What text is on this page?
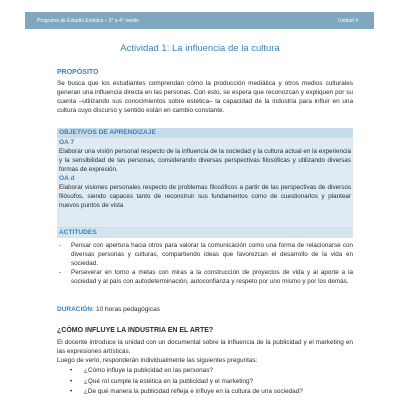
Programa de Estudio Estética – 3° a 4° medio	Unidad 4
Actividad 1: La influencia de la cultura
PROPÓSITO

Se busca que los estudiantes comprendan cómo la producción mediática y otros medios culturales generan una influencia directa en las personas. Con esto, se espera que reconozcan y expliquen por su cuenta –utilizando sus conocimientos sobre estética– la capacidad de la industria para influir en una cultura cuyo discurso y sentido están en cambio constante.

OBJETIVOS DE APRENDIZAJE
OA 7
Elaborar una visión personal respecto de la influencia de la sociedad y la cultura actual en la experiencia y la sensibilidad de las personas, considerando diversas perspectivas filosóficas y utilizando diversas formas de expresión.
OA d
Elaborar visiones personales respecto de problemas filosóficos a partir de las perspectivas de diversos filósofos, siendo capaces tanto de reconstruir sus fundamentos como de cuestionarlos y plantear nuevos puntos de vista
ACTITUDES
- Pensar con apertura hacia otros para valorar la comunicación como una forma de relacionarse con diversas personas y culturas, compartiendo ideas que favorezcan el desarrollo de la vida en sociedad.
- Perseverar en torno a metas con miras a la construcción de proyectos de vida y al aporte a la sociedad y al país con autodeterminación, autoconfianza y respeto por uno mismo y por los demás.
DURACIÓN: 10 horas pedagógicas
¿CÓMO INFLUYE LA INDUSTRIA EN EL ARTE?

El docente introduce la unidad con un documental sobre la influencia de la publicidad y el marketing en las expresiones artísticas.

Luego de verlo, responderán individualmente las siguientes preguntas:

• ¿Cómo influye la publicidad en las personas?
• ¿Qué rol cumple la estética en la publicidad y el marketing?
• ¿De qué manera la publicidad refleja e influye en la cultura de una sociedad?
